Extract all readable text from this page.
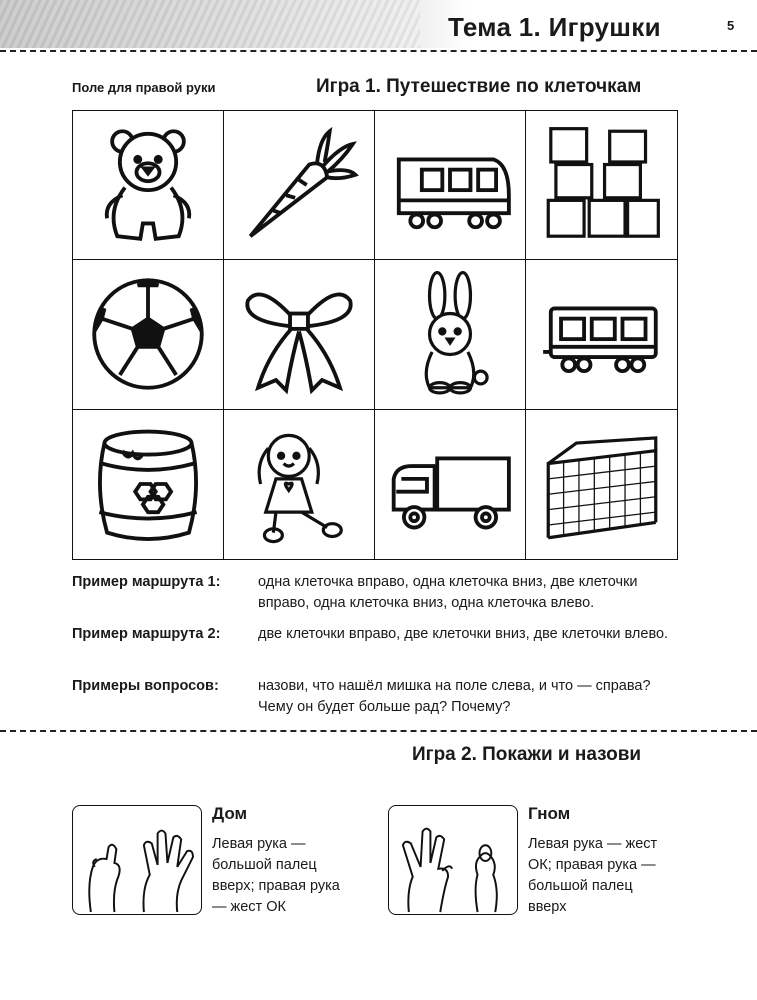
Тема 1. Игрушки	5
Поле для правой руки	Игра 1. Путешествие по клеточкам
Пример маршрута 1:	одна клеточка вправо, одна клеточка вниз, две клеточки вправо, одна клеточка вниз, одна клеточка влево.
Пример маршрута 2:	две клеточки вправо, две клеточки вниз, две клеточки влево.
Примеры вопросов:	назови, что нашёл мишка на поле слева, и что — справа? Чему он будет больше рад? Почему?
Игра 2. Покажи и назови
Дом
Левая рука — большой палец вверх; правая рука — жест ОК
Гном
Левая рука — жест ОК; правая рука — большой палец вверх
